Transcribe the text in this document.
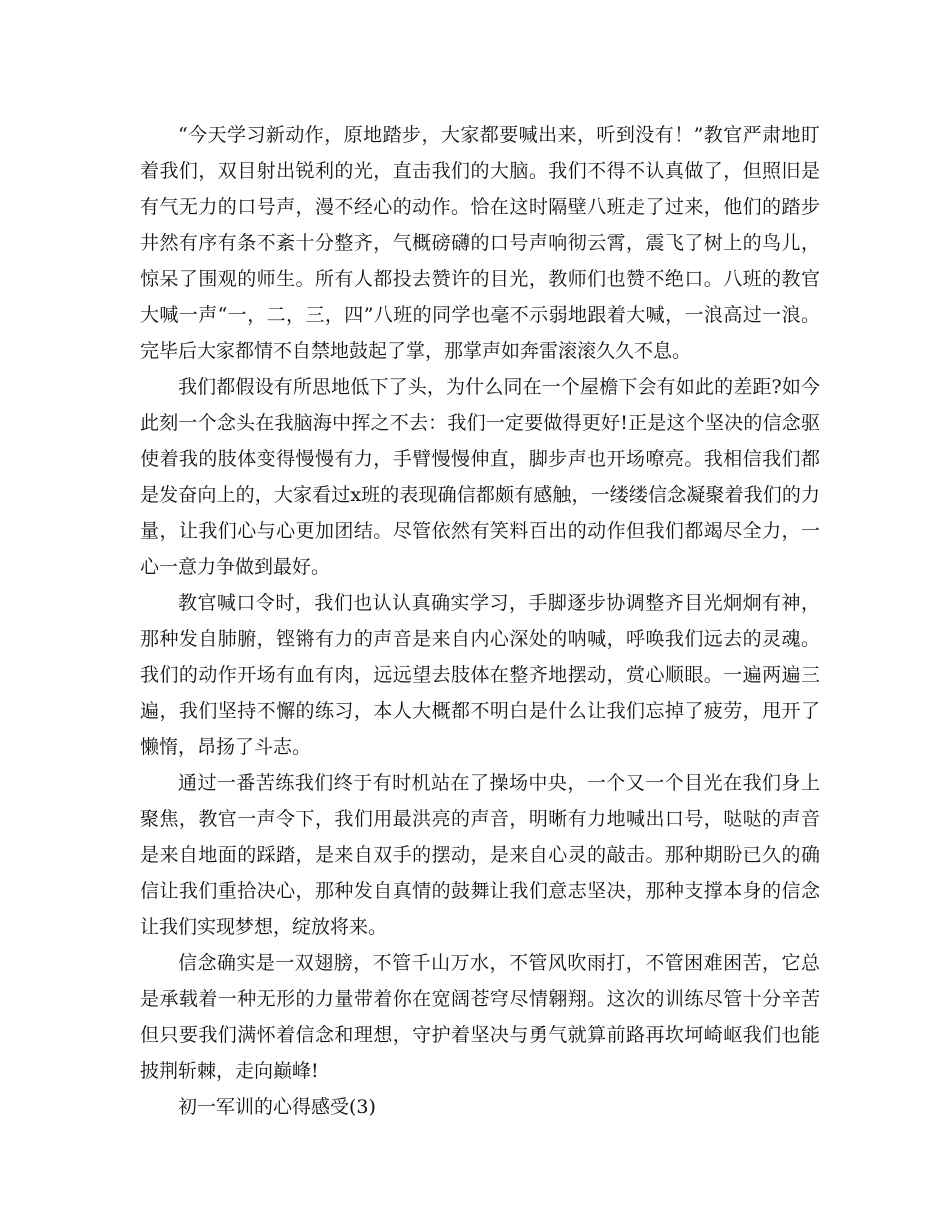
“今天学习新动作，原地踏步，大家都要喊出来，听到没有！”教官严肃地盯着我们，双目射出锐利的光，直击我们的大脑。我们不得不认真做了，但照旧是有气无力的口号声，漫不经心的动作。恰在这时隔壁八班走了过来，他们的踏步井然有序有条不紊十分整齐，气概磅礴的口号声响彻云霄，震飞了树上的鸟儿，惊呆了围观的师生。所有人都投去赞许的目光，教师们也赞不绝口。八班的教官大喊一声“一，二，三，四”八班的同学也毫不示弱地跟着大喊，一浪高过一浪。完毕后大家都情不自禁地鼓起了掌，那掌声如奔雷滚滚久久不息。

我们都假设有所思地低下了头，为什么同在一个屋檐下会有如此的差距?如今此刻一个念头在我脑海中挥之不去：我们一定要做得更好!正是这个坚决的信念驱使着我的肢体变得慢慢有力，手臂慢慢伸直，脚步声也开场嘹亮。我相信我们都是发奋向上的，大家看过x班的表现确信都颇有感触，一缕缕信念凝聚着我们的力量，让我们心与心更加团结。尽管依然有笑料百出的动作但我们都竭尽全力，一心一意力争做到最好。

教官喊口令时，我们也认认真确实学习，手脚逐步协调整齐目光炯炯有神，那种发自肺腑，铿锵有力的声音是来自内心深处的呐喊，呼唤我们远去的灵魂。我们的动作开场有血有肉，远远望去肢体在整齐地摆动，赏心顺眼。一遍两遍三遍，我们坚持不懈的练习，本人大概都不明白是什么让我们忘掉了疲劳，甩开了懒惰，昂扬了斗志。

通过一番苦练我们终于有时机站在了操场中央，一个又一个目光在我们身上聚焦，教官一声令下，我们用最洪亮的声音，明晰有力地喊出口号，哒哒的声音是来自地面的踩踏，是来自双手的摆动，是来自心灵的敲击。那种期盼已久的确信让我们重拾决心，那种发自真情的鼓舞让我们意志坚决，那种支撑本身的信念让我们实现梦想，绽放将来。

信念确实是一双翅膀，不管千山万水，不管风吹雨打，不管困难困苦，它总是承载着一种无形的力量带着你在宽阔苍穹尽情翱翔。这次的训练尽管十分辛苦但只要我们满怀着信念和理想，守护着坚决与勇气就算前路再坎坷崎岖我们也能披荆斩棘，走向巅峰!

初一军训的心得感受(3)
